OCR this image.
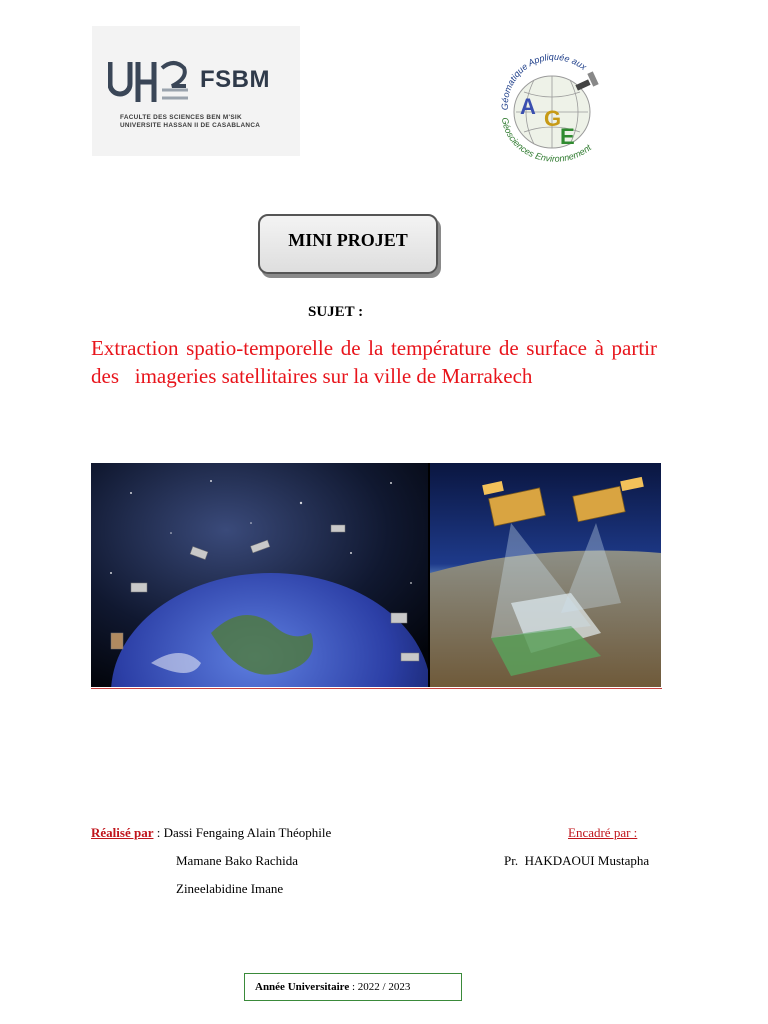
FSBM
FACULTE DES SCIENCES BEN M'SIK
UNIVERSITE HASSAN II DE CASABLANCA
Géomatique Appliquée aux
Géosciences Environnement
A G
E
MINI PROJET
SUJET :
Extraction spatio-temporelle de la température de surface à partir des   imageries satellitaires sur la ville de Marrakech
Réalisé par : Dassi Fengaing Alain Théophile
Mamane Bako Rachida
Zineelabidine Imane
Encadré par :
Pr.  HAKDAOUI Mustapha
Année Universitaire : 2022 / 2023
